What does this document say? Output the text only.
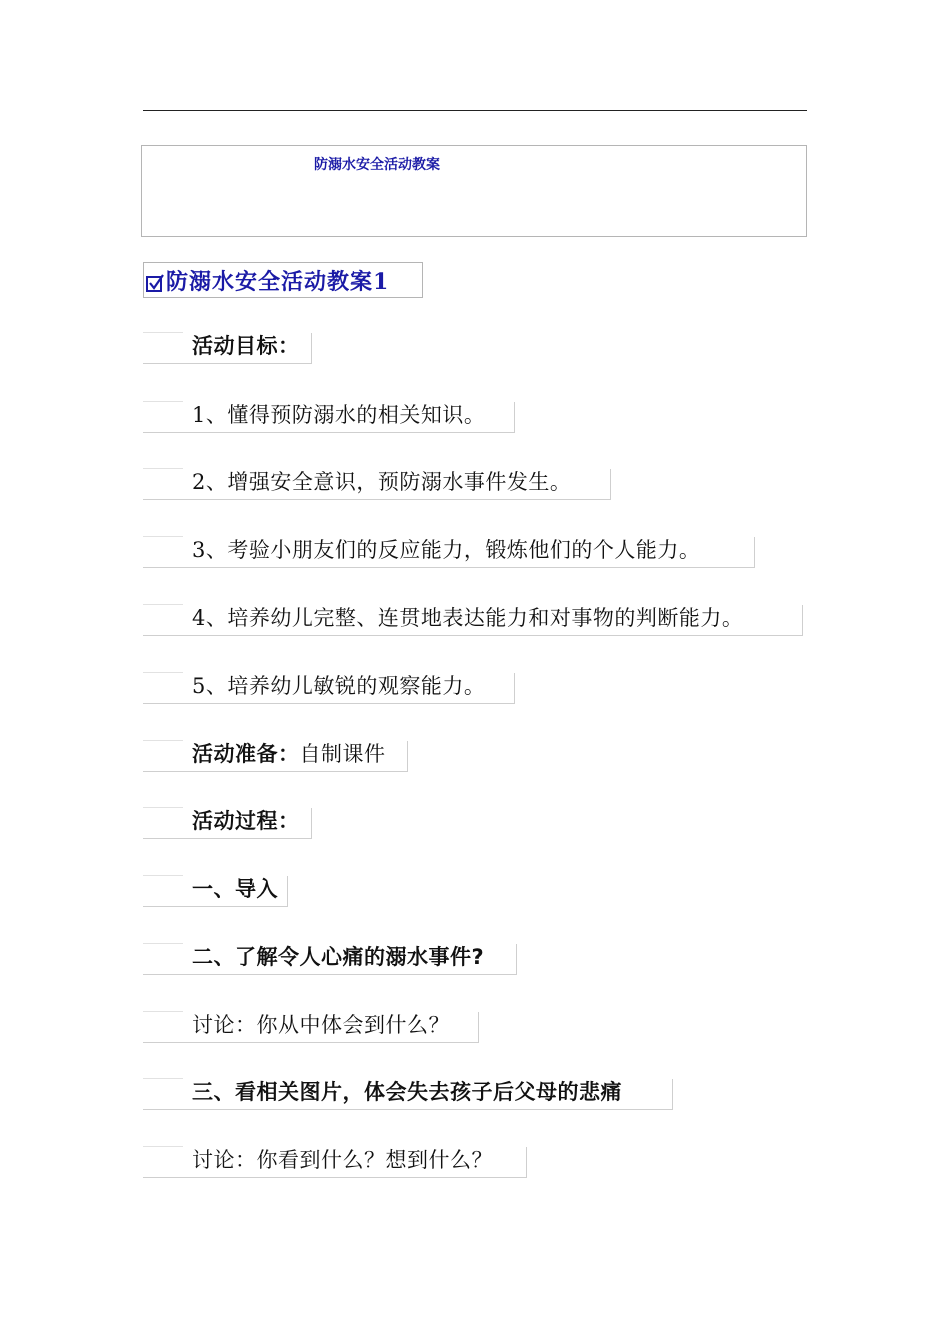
防溺水安全活动教案
防溺水安全活动教案1
活动目标：
1、懂得预防溺水的相关知识。
2、增强安全意识，预防溺水事件发生。
3、考验小朋友们的反应能力，锻炼他们的个人能力。
4、培养幼儿完整、连贯地表达能力和对事物的判断能力。
5、培养幼儿敏锐的观察能力。
活动准备：自制课件
活动过程：
一、导入
二、了解令人心痛的溺水事件?
讨论：你从中体会到什么？
三、看相关图片，体会失去孩子后父母的悲痛
讨论：你看到什么？想到什么？
